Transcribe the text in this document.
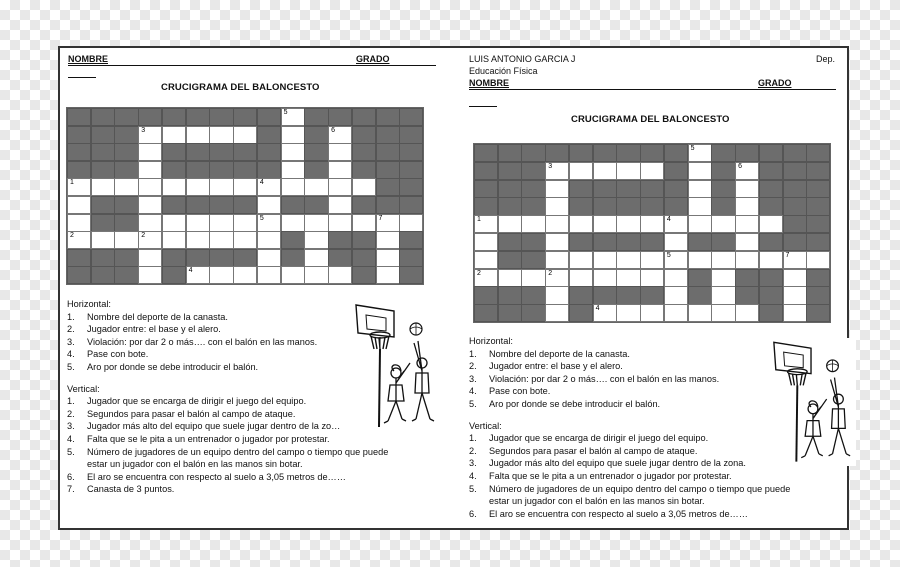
NOMBRE	GRADO
CRUCIGRAMA DEL BALONCESTO
5
3	6
1	4
5	7
2	2
4
Horizontal:
1. Nombre del deporte de la canasta.
2. Jugador entre: el base y el alero.
3. Violación: por dar 2 o más…. con el balón en las manos.
4. Pase con bote.
5. Aro por donde se debe introducir el balón.
Vertical:
1. Jugador que se encarga de dirigir el juego del equipo.
2. Segundos para pasar el balón al campo de ataque.
3. Jugador más alto del equipo que suele jugar dentro de la zo…
4. Falta que se le pita a un entrenador o jugador por protestar.
5. Número de jugadores de un equipo dentro del campo o tiempo que puede
estar un jugador con el balón en las manos sin botar.
6. El aro se encuentra con respecto al suelo a 3,05 metros de……
7. Canasta de 3 puntos.
LUIS ANTONIO GARCIA J	Dep.
Educación Física
NOMBRE	GRADO
CRUCIGRAMA DEL BALONCESTO
5
3	6
1	4
5	7
2	2
4
Horizontal:
1. Nombre del deporte de la canasta.
2. Jugador entre: el base y el alero.
3. Violación: por dar 2 o más…. con el balón en las manos.
4. Pase con bote.
5. Aro por donde se debe introducir el balón.
Vertical:
1. Jugador que se encarga de dirigir el juego del equipo.
2. Segundos para pasar el balón al campo de ataque.
3. Jugador más alto del equipo que suele jugar dentro de la zona.
4. Falta que se le pita a un entrenador o jugador por protestar.
5. Número de jugadores de un equipo dentro del campo o tiempo que puede
estar un jugador con el balón en las manos sin botar.
6. El aro se encuentra con respecto al suelo a 3,05 metros de……
